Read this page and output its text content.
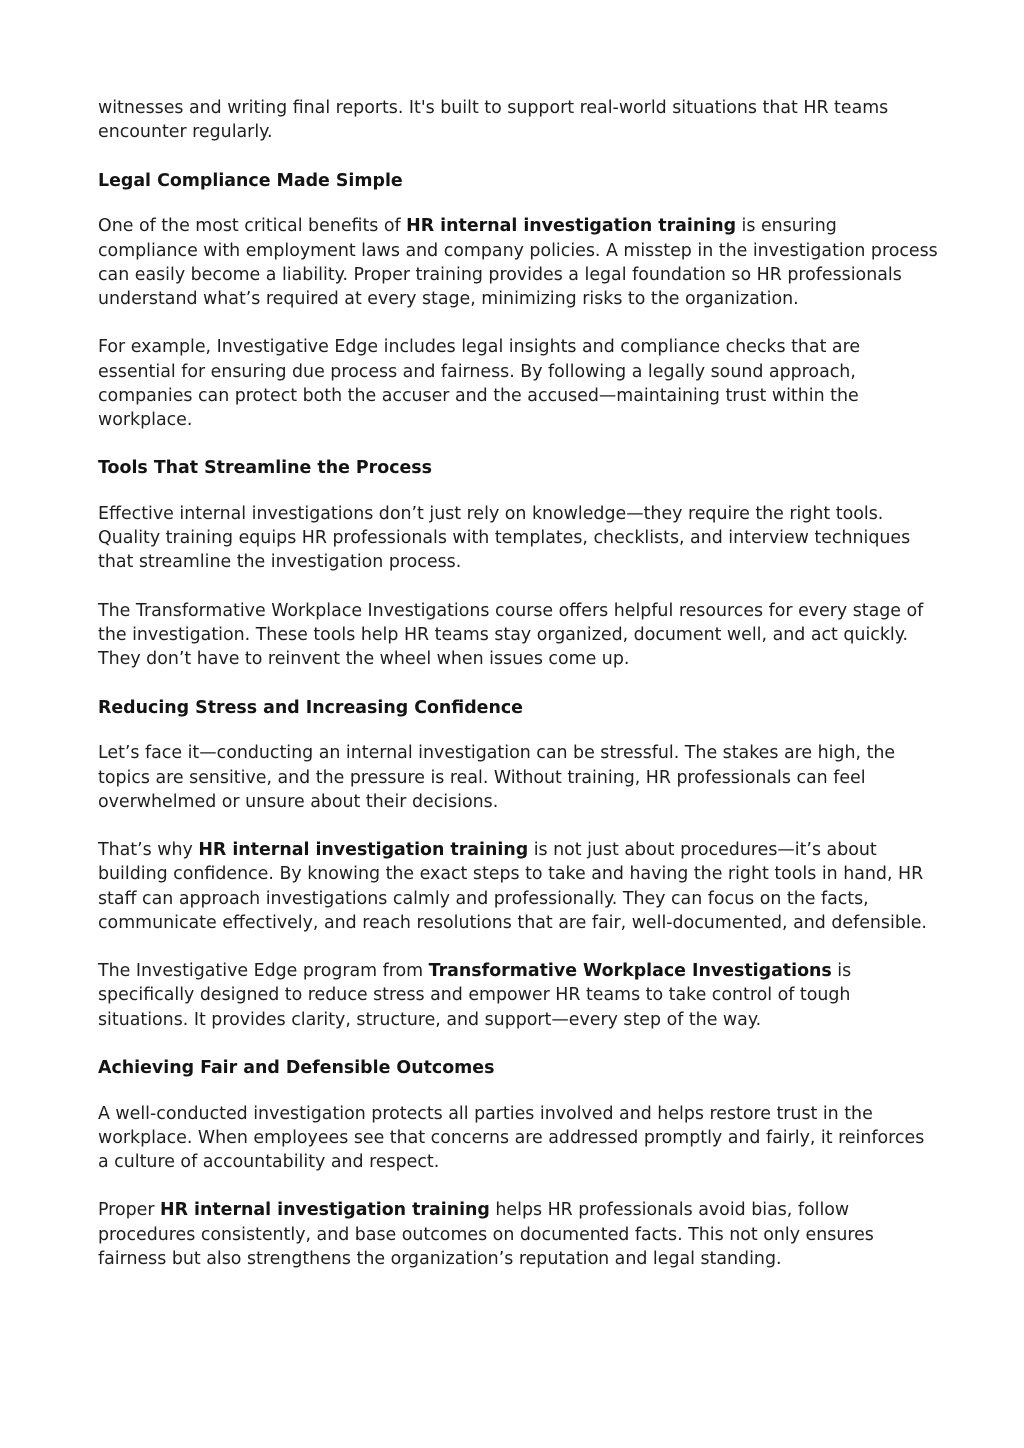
witnesses and writing final reports. It's built to support real-world situations that HR teams encounter regularly.

Legal Compliance Made Simple

One of the most critical benefits of HR internal investigation training is ensuring compliance with employment laws and company policies. A misstep in the investigation process can easily become a liability. Proper training provides a legal foundation so HR professionals understand what’s required at every stage, minimizing risks to the organization.

For example, Investigative Edge includes legal insights and compliance checks that are essential for ensuring due process and fairness. By following a legally sound approach, companies can protect both the accuser and the accused—maintaining trust within the workplace.

Tools That Streamline the Process

Effective internal investigations don’t just rely on knowledge—they require the right tools. Quality training equips HR professionals with templates, checklists, and interview techniques that streamline the investigation process.

The Transformative Workplace Investigations course offers helpful resources for every stage of the investigation. These tools help HR teams stay organized, document well, and act quickly. They don’t have to reinvent the wheel when issues come up.

Reducing Stress and Increasing Confidence

Let’s face it—conducting an internal investigation can be stressful. The stakes are high, the topics are sensitive, and the pressure is real. Without training, HR professionals can feel overwhelmed or unsure about their decisions.

That’s why HR internal investigation training is not just about procedures—it’s about building confidence. By knowing the exact steps to take and having the right tools in hand, HR staff can approach investigations calmly and professionally. They can focus on the facts, communicate effectively, and reach resolutions that are fair, well-documented, and defensible.

The Investigative Edge program from Transformative Workplace Investigations is specifically designed to reduce stress and empower HR teams to take control of tough situations. It provides clarity, structure, and support—every step of the way.

Achieving Fair and Defensible Outcomes

A well-conducted investigation protects all parties involved and helps restore trust in the workplace. When employees see that concerns are addressed promptly and fairly, it reinforces a culture of accountability and respect.

Proper HR internal investigation training helps HR professionals avoid bias, follow procedures consistently, and base outcomes on documented facts. This not only ensures fairness but also strengthens the organization’s reputation and legal standing.
